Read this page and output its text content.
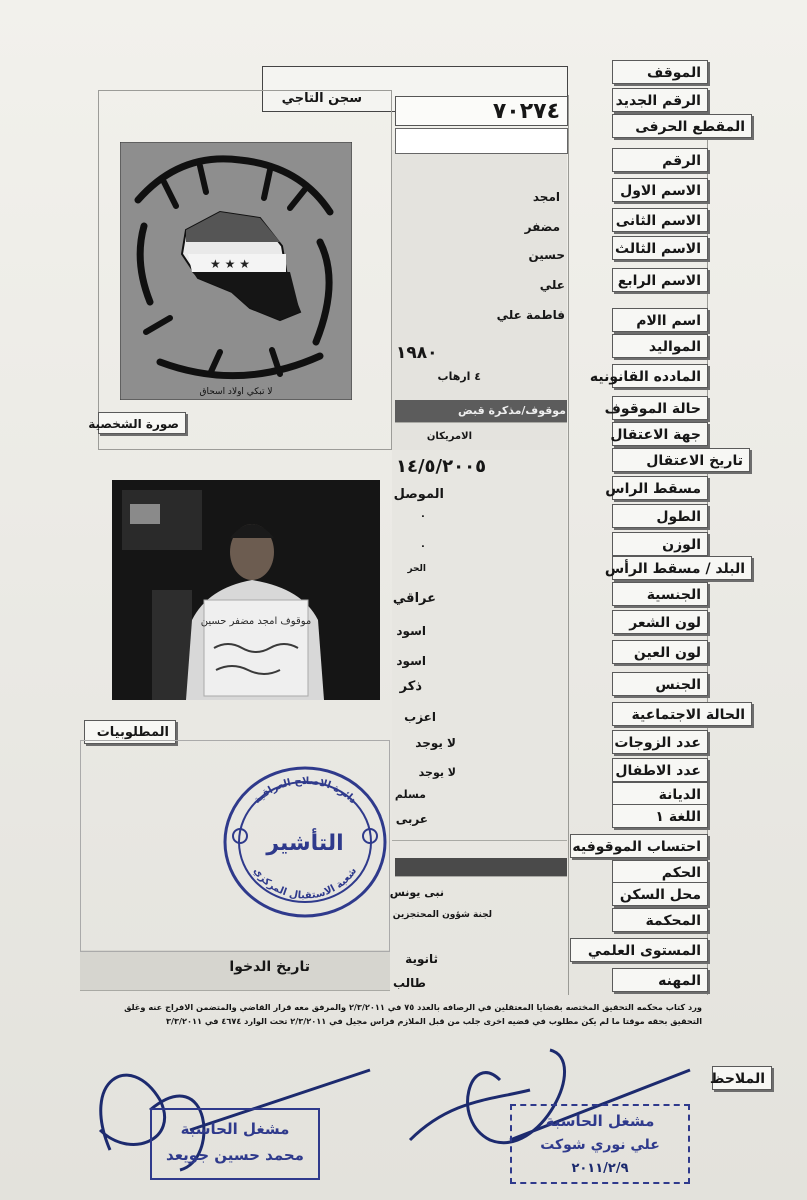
سجن التاجي
٧٠٢٧٤
الموقف
الرقم الجديد
المقطع الحرفى
الرقم
الاسم الاول
الاسم الثانى
الاسم الثالث
الاسم الرابع
اسم االام
المواليد
المادده القانونيه
حالة الموقوف
جهة الاعتقال
تاريخ الاعتقال
مسقط الراس
الطول
الوزن
البلد / مسقط الرأس
الجنسية
لون الشعر
لون العين
الجنس
الحالة الاجتماعية
عدد الزوجات
عدد الاطفال
الديانة
اللغة ١
احتساب الموقوفيه
الحكم
محل السكن
المحكمة
المستوى العلمي
المهنه
الملاحظ
امجد
مضفر
حسين
علي
فاطمة علي
١٩٨٠
٤ ارهاب
موقوف/مذكرة قبض
الامريكان
١٤/٥/٢٠٠٥
الموصل
٠
٠
الحر
عراقي
اسود
اسود
ذكر
اعزب
لا يوجد
لا يوجد
مسلم
عربى
نبى يونس
لجنة شؤون المحتجزين
ثانوية
طالب
★ ★ ★
لا تبكي اولاد اسحاق
صورة الشخصية
موقوف امجد مضفر حسين
المطلوبيات
دائرة الاصلاح العراقية
شعبة الاستقبال المركزي
التأشير
تاريخ الدخوا
ورد كتاب محكمه التحقيق المختصه بقضايا المعتقلين في الرصافه بالعدد ٧٥ في ٢/٣/٢٠١١ والمرفق معه قرار القاضي والمتضمن الافراج عنه وغلق التحقيق بحقه موقتا ما لم يكن مطلوب في قضيه اخرى جلب من قبل الملازم فراس مجيل في ٢/٣/٢٠١١ تحت الوارد ٤٦٧٤ في ٣/٣/٢٠١١
مشغل الحاسبة
محمد حسين جويعد
مشغل الحاسبة
علي نوري شوكت
٢٠١١/٢/٩
